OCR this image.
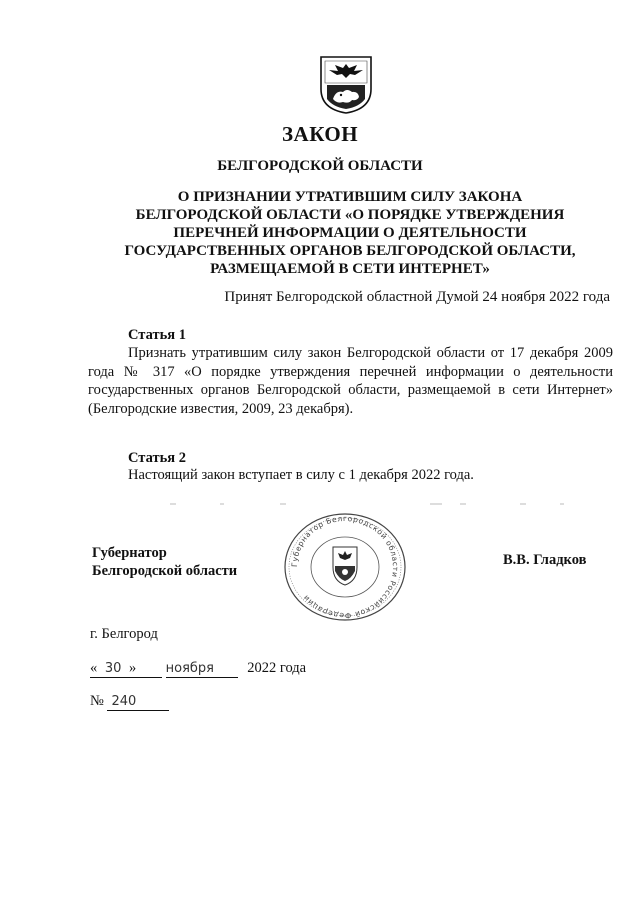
ЗАКОН
БЕЛГОРОДСКОЙ ОБЛАСТИ
О ПРИЗНАНИИ УТРАТИВШИМ СИЛУ ЗАКОНА
БЕЛГОРОДСКОЙ ОБЛАСТИ «О ПОРЯДКЕ УТВЕРЖДЕНИЯ
ПЕРЕЧНЕЙ ИНФОРМАЦИИ О ДЕЯТЕЛЬНОСТИ
ГОСУДАРСТВЕННЫХ ОРГАНОВ БЕЛГОРОДСКОЙ ОБЛАСТИ,
РАЗМЕЩАЕМОЙ В СЕТИ ИНТЕРНЕТ»
Принят Белгородской областной Думой 24 ноября 2022 года
Статья 1
Признать утратившим силу закон Белгородской области от 17 декабря 2009 года № 317 «О порядке утверждения перечней информации о деятельности государственных органов Белгородской области, размещаемой в сети Интернет» (Белгородские известия, 2009, 23 декабря).
Статья 2
Настоящий закон вступает в силу с 1 декабря 2022 года.
Губернатор
Белгородской области	Губернатор Белгородской области Российской Федерации
В.В. Гладков
г. Белгород
« 30 » ноября 2022 года
№ 240
